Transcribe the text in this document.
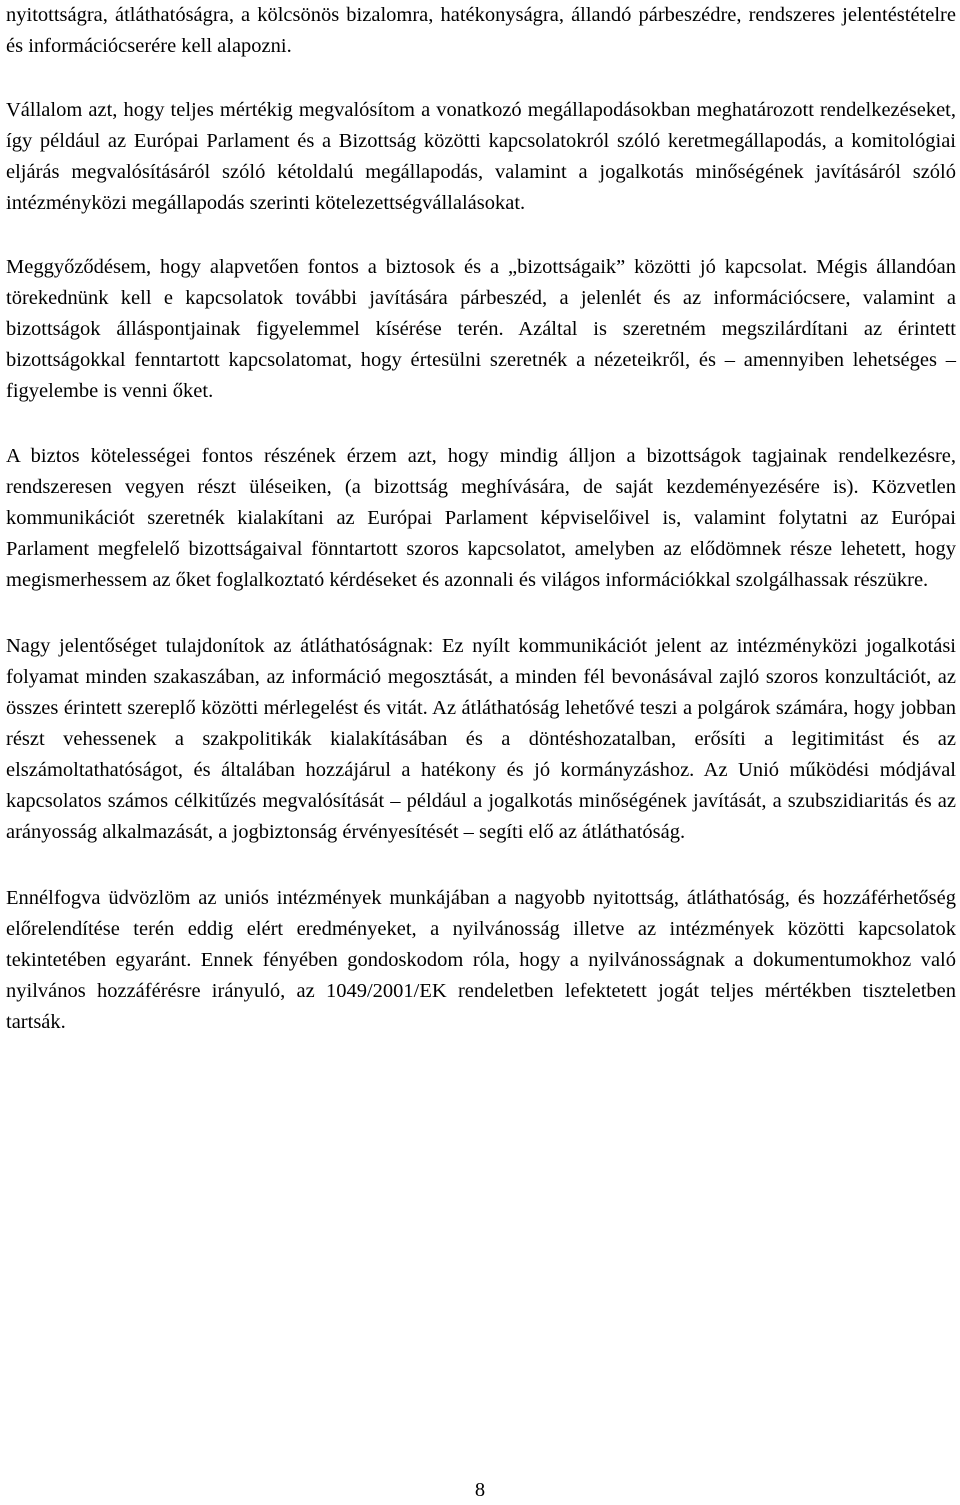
nyitottságra, átláthatóságra, a kölcsönös bizalomra, hatékonyságra, állandó párbeszédre, rendszeres jelentéstételre és információcserére kell alapozni.

Vállalom azt, hogy teljes mértékig megvalósítom a vonatkozó megállapodásokban meghatározott rendelkezéseket, így például az Európai Parlament és a Bizottság közötti kapcsolatokról szóló keretmegállapodás, a komitológiai eljárás megvalósításáról szóló kétoldalú megállapodás, valamint a jogalkotás minőségének javításáról szóló intézményközi megállapodás szerinti kötelezettségvállalásokat.

Meggyőződésem, hogy alapvetően fontos a biztosok és a „bizottságaik” közötti jó kapcsolat. Mégis állandóan törekednünk kell e kapcsolatok további javítására párbeszéd, a jelenlét és az információcsere, valamint a bizottságok álláspontjainak figyelemmel kísérése terén. Azáltal is szeretném megszilárdítani az érintett bizottságokkal fenntartott kapcsolatomat, hogy értesülni szeretnék a nézeteikről, és – amennyiben lehetséges – figyelembe is venni őket.

A biztos kötelességei fontos részének érzem azt, hogy mindig álljon a bizottságok tagjainak rendelkezésre, rendszeresen vegyen részt üléseiken, (a bizottság meghívására, de saját kezdeményezésére is). Közvetlen kommunikációt szeretnék kialakítani az Európai Parlament képviselőivel is, valamint folytatni az Európai Parlament megfelelő bizottságaival fönntartott szoros kapcsolatot, amelyben az elődömnek része lehetett, hogy megismerhessem az őket foglalkoztató kérdéseket és azonnali és világos információkkal szolgálhassak részükre.

Nagy jelentőséget tulajdonítok az átláthatóságnak: Ez nyílt kommunikációt jelent az intézményközi jogalkotási folyamat minden szakaszában, az információ megosztását, a minden fél bevonásával zajló szoros konzultációt, az összes érintett szereplő közötti mérlegelést és vitát. Az átláthatóság lehetővé teszi a polgárok számára, hogy jobban részt vehessenek a szakpolitikák kialakításában és a döntéshozatalban, erősíti a legitimitást és az elszámoltathatóságot, és általában hozzájárul a hatékony és jó kormányzáshoz. Az Unió működési módjával kapcsolatos számos célkitűzés megvalósítását – például a jogalkotás minőségének javítását, a szubszidiaritás és az arányosság alkalmazását, a jogbiztonság érvényesítését – segíti elő az átláthatóság.

Ennélfogva üdvözlöm az uniós intézmények munkájában a nagyobb nyitottság, átláthatóság, és hozzáférhetőség előrelendítése terén eddig elért eredményeket, a nyilvánosság illetve az intézmények közötti kapcsolatok tekintetében egyaránt. Ennek fényében gondoskodom róla, hogy a nyilvánosságnak a dokumentumokhoz való nyilvános hozzáférésre irányuló, az 1049/2001/EK rendeletben lefektetett jogát teljes mértékben tiszteletben tartsák.

8
